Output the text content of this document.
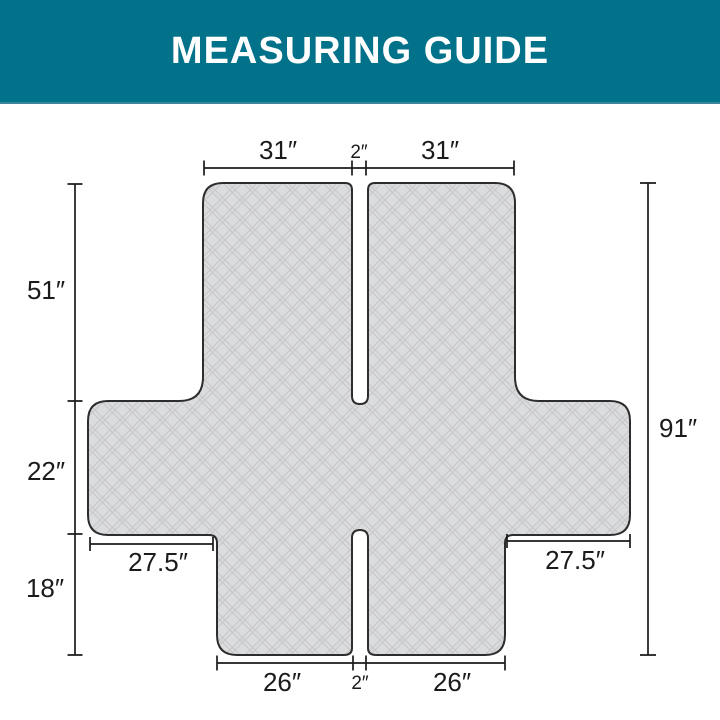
MEASURING GUIDE
31″	2″ 31″
51″
22″
18″
91″
27.5″	27.5″
26″	2″ 26″
